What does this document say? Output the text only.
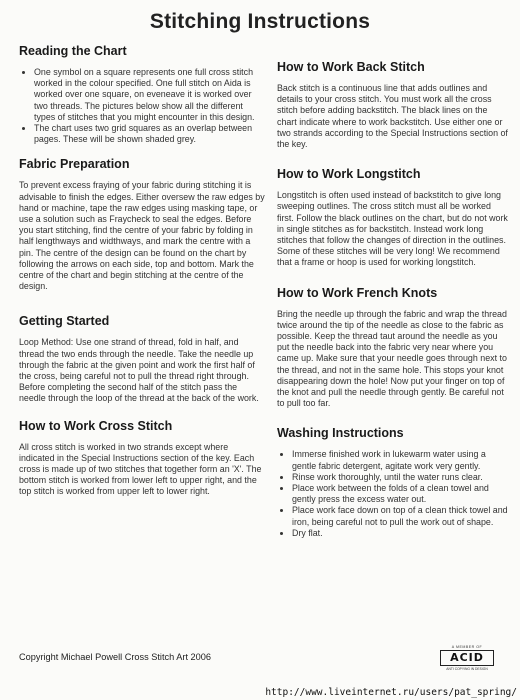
Stitching Instructions
Reading the Chart
• One symbol on a square represents one full cross stitch worked in the colour specified. One full stitch on Aida is worked over one square, on eveneave it is worked over two threads. The pictures below show all the different types of stitches that you might encounter in this design.
• The chart uses two grid squares as an overlap between pages. These will be shown shaded grey.
Fabric Preparation

To prevent excess fraying of your fabric during stitching it is advisable to finish the edges. Either oversew the raw edges by hand or machine, tape the raw edges using masking tape, or use a solution such as Fraycheck to seal the edges. Before you start stitching, find the centre of your fabric by folding in half lengthways and widthways, and mark the centre with a pin. The centre of the design can be found on the chart by following the arrows on each side, top and bottom. Mark the centre of the chart and begin stitching at the centre of the design.

Getting Started

Loop Method: Use one strand of thread, fold in half, and thread the two ends through the needle. Take the needle up through the fabric at the given point and work the first half of the cross, being careful not to pull the thread right through. Before completing the second half of the stitch pass the needle through the loop of the thread at the back of the work.

How to Work Cross Stitch

All cross stitch is worked in two strands except where indicated in the Special Instructions section of the key. Each cross is made up of two stitches that together form an 'X'. The bottom stitch is worked from lower left to upper right, and the top stitch is worked from upper left to lower right.

How to Work Back Stitch

Back stitch is a continuous line that adds outlines and details to your cross stitch. You must work all the cross stitch before adding backstitch. The black lines on the chart indicate where to work backstitch. Use either one or two strands according to the Special Instructions section of the key.

How to Work Longstitch

Longstitch is often used instead of backstitch to give long sweeping outlines. The cross stitch must all be worked first. Follow the black outlines on the chart, but do not work in single stitches as for backstitch. Instead work long stitches that follow the changes of direction in the outlines. Some of these stitches will be very long! We recommend that a frame or hoop is used for working longstitch.

How to Work French Knots

Bring the needle up through the fabric and wrap the thread twice around the tip of the needle as close to the fabric as possible. Keep the thread taut around the needle as you put the needle back into the fabric very near where you came up. Make sure that your needle goes through next to the thread, and not in the same hole. This stops your knot disappearing down the hole! Now put your finger on top of the knot and pull the needle through gently. Be careful not to pull too far.

Washing Instructions
• Immerse finished work in lukewarm water using a gentle fabric detergent, agitate work very gently.
• Rinse work thoroughly, until the water runs clear.
• Place work between the folds of a clean towel and gently press the excess water out.
• Place work face down on top of a clean thick towel and iron, being careful not to pull the work out of shape.
• Dry flat.
Copyright Michael Powell Cross Stitch Art 2006
A MEMBER OF
ACID
ANTI COPYING IN DESIGN
http://www.liveinternet.ru/users/pat_spring/
